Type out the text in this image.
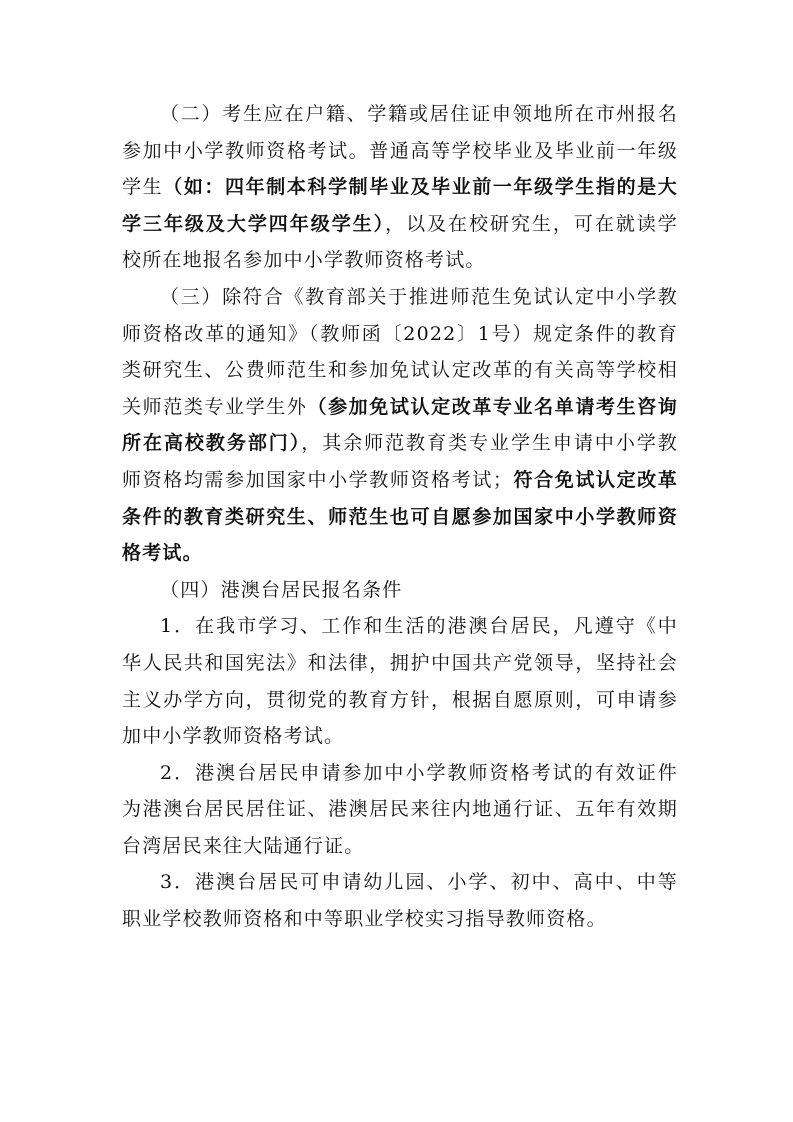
（二）考生应在户籍、学籍或居住证申领地所在市州报名参加中小学教师资格考试。普通高等学校毕业及毕业前一年级学生（如：四年制本科学制毕业及毕业前一年级学生指的是大学三年级及大学四年级学生），以及在校研究生，可在就读学校所在地报名参加中小学教师资格考试。

（三）除符合《教育部关于推进师范生免试认定中小学教师资格改革的通知》（教师函〔2022〕1号）规定条件的教育类研究生、公费师范生和参加免试认定改革的有关高等学校相关师范类专业学生外（参加免试认定改革专业名单请考生咨询所在高校教务部门），其余师范教育类专业学生申请中小学教师资格均需参加国家中小学教师资格考试；符合免试认定改革条件的教育类研究生、师范生也可自愿参加国家中小学教师资格考试。

（四）港澳台居民报名条件

1．在我市学习、工作和生活的港澳台居民，凡遵守《中华人民共和国宪法》和法律，拥护中国共产党领导，坚持社会主义办学方向，贯彻党的教育方针，根据自愿原则，可申请参加中小学教师资格考试。

2．港澳台居民申请参加中小学教师资格考试的有效证件为港澳台居民居住证、港澳居民来往内地通行证、五年有效期台湾居民来往大陆通行证。

3．港澳台居民可申请幼儿园、小学、初中、高中、中等职业学校教师资格和中等职业学校实习指导教师资格。
